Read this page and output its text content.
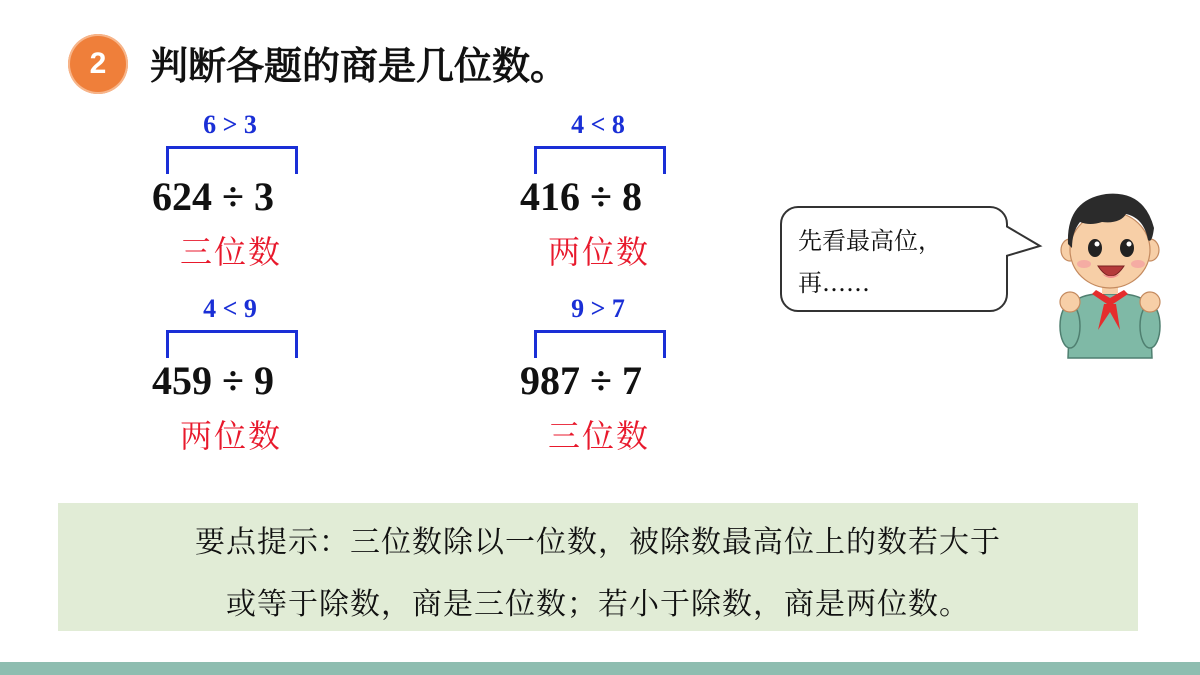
2	判断各题的商是几位数。
6 > 3
624 ÷ 3
三位数
4 < 8
416 ÷ 8
两位数
4 < 9
459 ÷ 9
两位数
9 > 7
987 ÷ 7
三位数
先看最高位，
再……
要点提示：三位数除以一位数，被除数最高位上的数若大于
或等于除数，商是三位数；若小于除数，商是两位数。
